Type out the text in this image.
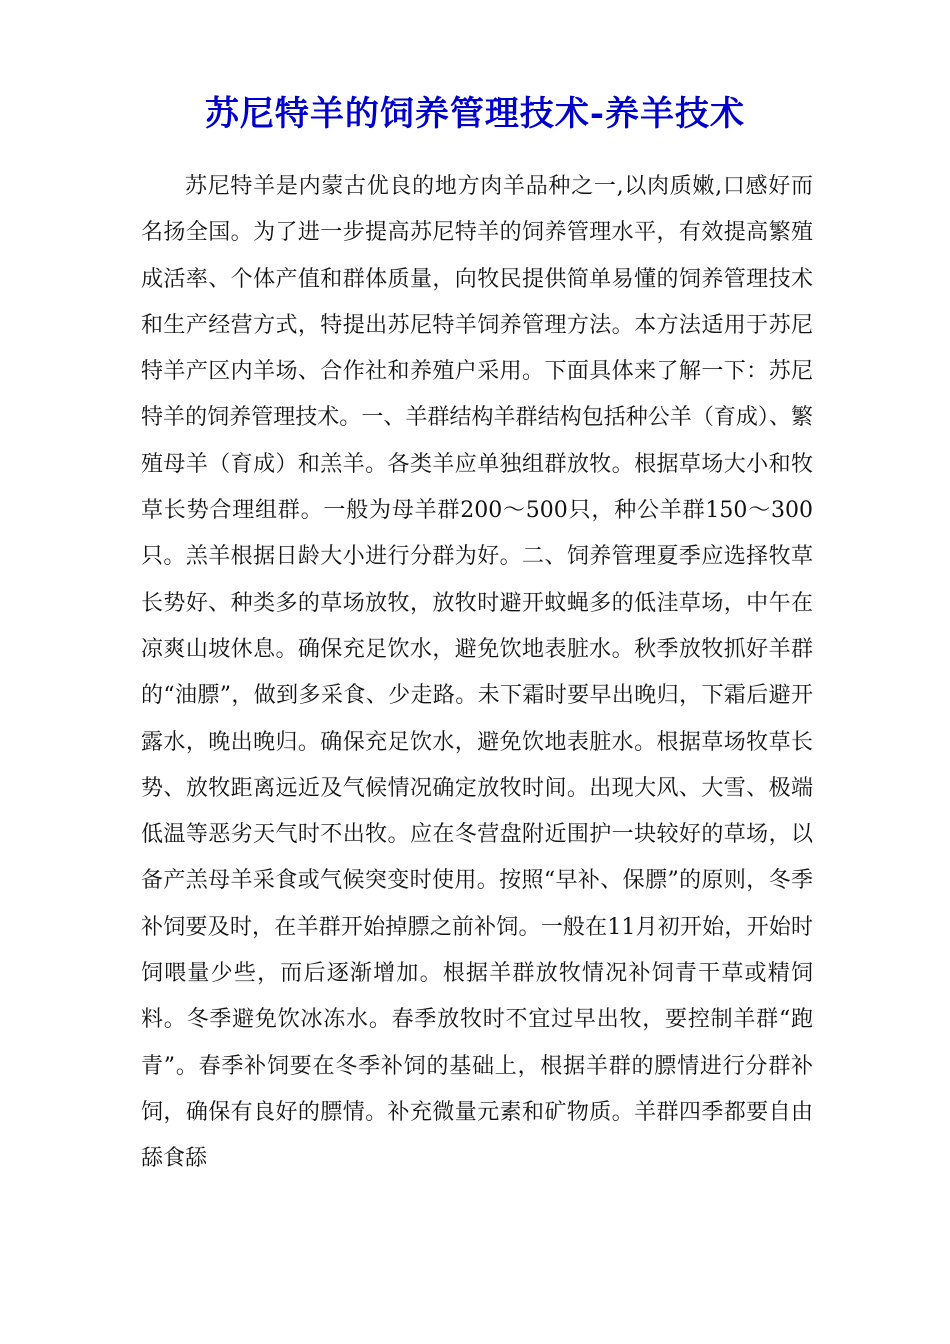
苏尼特羊的饲养管理技术-养羊技术

苏尼特羊是内蒙古优良的地方肉羊品种之一,以肉质嫩,口感好而名扬全国。为了进一步提高苏尼特羊的饲养管理水平，有效提高繁殖成活率、个体产值和群体质量，向牧民提供简单易懂的饲养管理技术和生产经营方式，特提出苏尼特羊饲养管理方法。本方法适用于苏尼特羊产区内羊场、合作社和养殖户采用。下面具体来了解一下：苏尼特羊的饲养管理技术。一、羊群结构羊群结构包括种公羊（育成）、繁殖母羊（育成）和羔羊。各类羊应单独组群放牧。根据草场大小和牧草长势合理组群。一般为母羊群200～500只，种公羊群150～300只。羔羊根据日龄大小进行分群为好。二、饲养管理夏季应选择牧草长势好、种类多的草场放牧，放牧时避开蚊蝇多的低洼草场，中午在凉爽山坡休息。确保充足饮水，避免饮地表脏水。秋季放牧抓好羊群的“油膘”，做到多采食、少走路。未下霜时要早出晚归，下霜后避开露水，晚出晚归。确保充足饮水，避免饮地表脏水。根据草场牧草长势、放牧距离远近及气候情况确定放牧时间。出现大风、大雪、极端低温等恶劣天气时不出牧。应在冬营盘附近围护一块较好的草场，以备产羔母羊采食或气候突变时使用。按照“早补、保膘”的原则，冬季补饲要及时，在羊群开始掉膘之前补饲。一般在11月初开始，开始时饲喂量少些，而后逐渐增加。根据羊群放牧情况补饲青干草或精饲料。冬季避免饮冰冻水。春季放牧时不宜过早出牧，要控制羊群“跑青”。春季补饲要在冬季补饲的基础上，根据羊群的膘情进行分群补饲，确保有良好的膘情。补充微量元素和矿物质。羊群四季都要自由舔食舔
